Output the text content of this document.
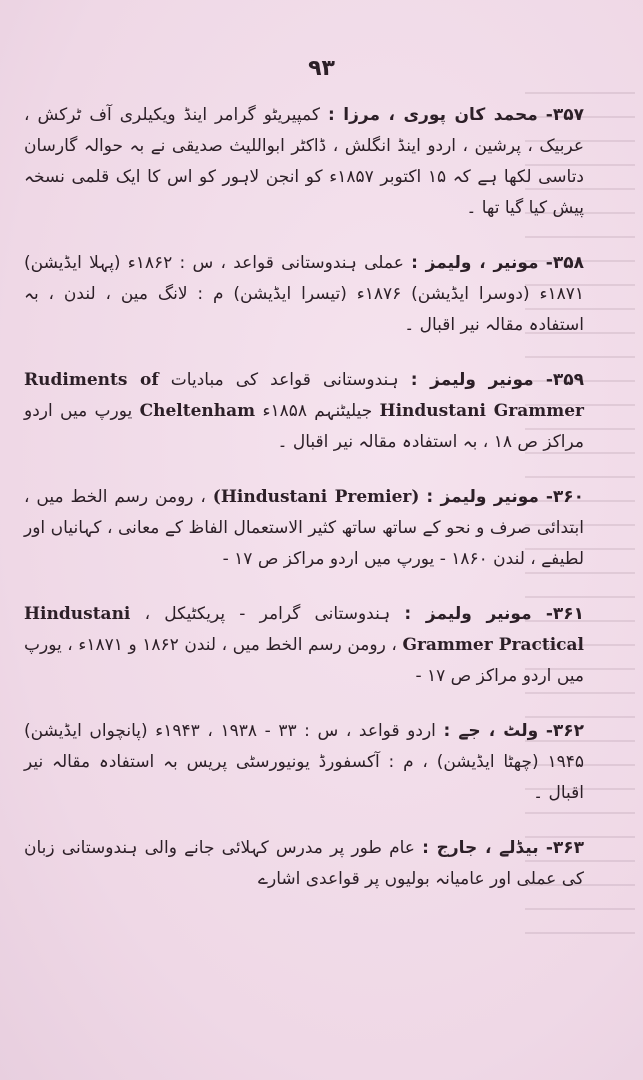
۹۳
۳۵۷- محمد کان پوری ، مرزا : کمپیریٹو گرامر اینڈ ویکیلری آف ٹرکش ، عربیک ، پرشین ، اردو اینڈ انگلش ، ڈاکٹر ابواللیث صدیقی نے بہ حوالہ گارسان دتاسی لکھا ہے کہ ۱۵ اکتوبر ۱۸۵۷ء کو انجن لاہور کو اس کا ایک قلمی نسخہ پیش کیا گیا تھا ۔
۳۵۸- مونیر ، ولیمز : عملی ہندوستانی قواعد ، س : ۱۸۶۲ء (پہلا ایڈیشن) ۱۸۷۱ء (دوسرا ایڈیشن) ۱۸۷۶ء (تیسرا ایڈیشن) م : لانگ مین ، لندن ، بہ استفادہ مقالہ نیر اقبال ۔
۳۵۹- مونیر ولیمز : ہندوستانی قواعد کی مبادیات Rudiments of Hindustani Grammer جیلیٹنہم ۱۸۵۸ء Cheltenham یورپ میں اردو مراکز ص ۱۸ ، بہ استفادہ مقالہ نیر اقبال ۔
۳۶۰- مونیر ولیمز : (Hindustani Premier) ، رومن رسم الخط میں ، ابتدائی صرف و نحو کے ساتھ ساتھ کثیر الاستعمال الفاظ کے معانی ، کہانیاں اور لطیفے ، لندن ۱۸۶۰ - یورپ میں اردو مراکز ص ۱۷ -
۳۶۱- مونیر ولیمز : ہندوستانی گرامر - پریکٹیکل ، Hindustani Grammer Practical ، رومن رسم الخط میں ، لندن ۱۸۶۲ و ۱۸۷۱ء ، یورپ میں اردو مراکز ص ۱۷ -
۳۶۲- ولٹ ، جے : اردو قواعد ، س : ۳۳ - ۱۹۳۸ ، ۱۹۴۳ء (پانچواں ایڈیشن) ۱۹۴۵ (چھٹا ایڈیشن) ، م : آکسفورڈ یونیورسٹی پریس بہ استفادہ مقالہ نیر اقبال ۔
۳۶۳- بیڈلے ، جارج : عام طور پر مدرس کہلائی جانے والی ہندوستانی زبان کی عملی اور عامیانہ بولیوں پر قواعدی اشارے
